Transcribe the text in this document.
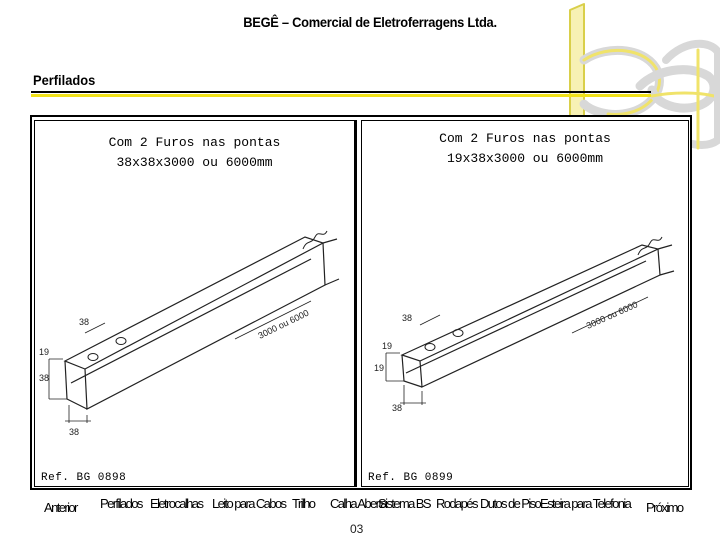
BEGÊ – Comercial de Eletroferragens Ltda.
Perfilados
Com 2 Furos nas pontas
38x38x3000 ou 6000mm
38
19
38
38
3000 ou 6000
Ref. BG 0898
Com 2 Furos nas pontas
19x38x3000 ou 6000mm
38
19
19
38
3000 ou 6000
Ref. BG 0899
Anterior Perfilados Eletrocalhas Leito para Cabos Trilho Calha Aberta
Sistema BS Rodapés Dutos de Piso Esteira para Telefonia Próximo
03
